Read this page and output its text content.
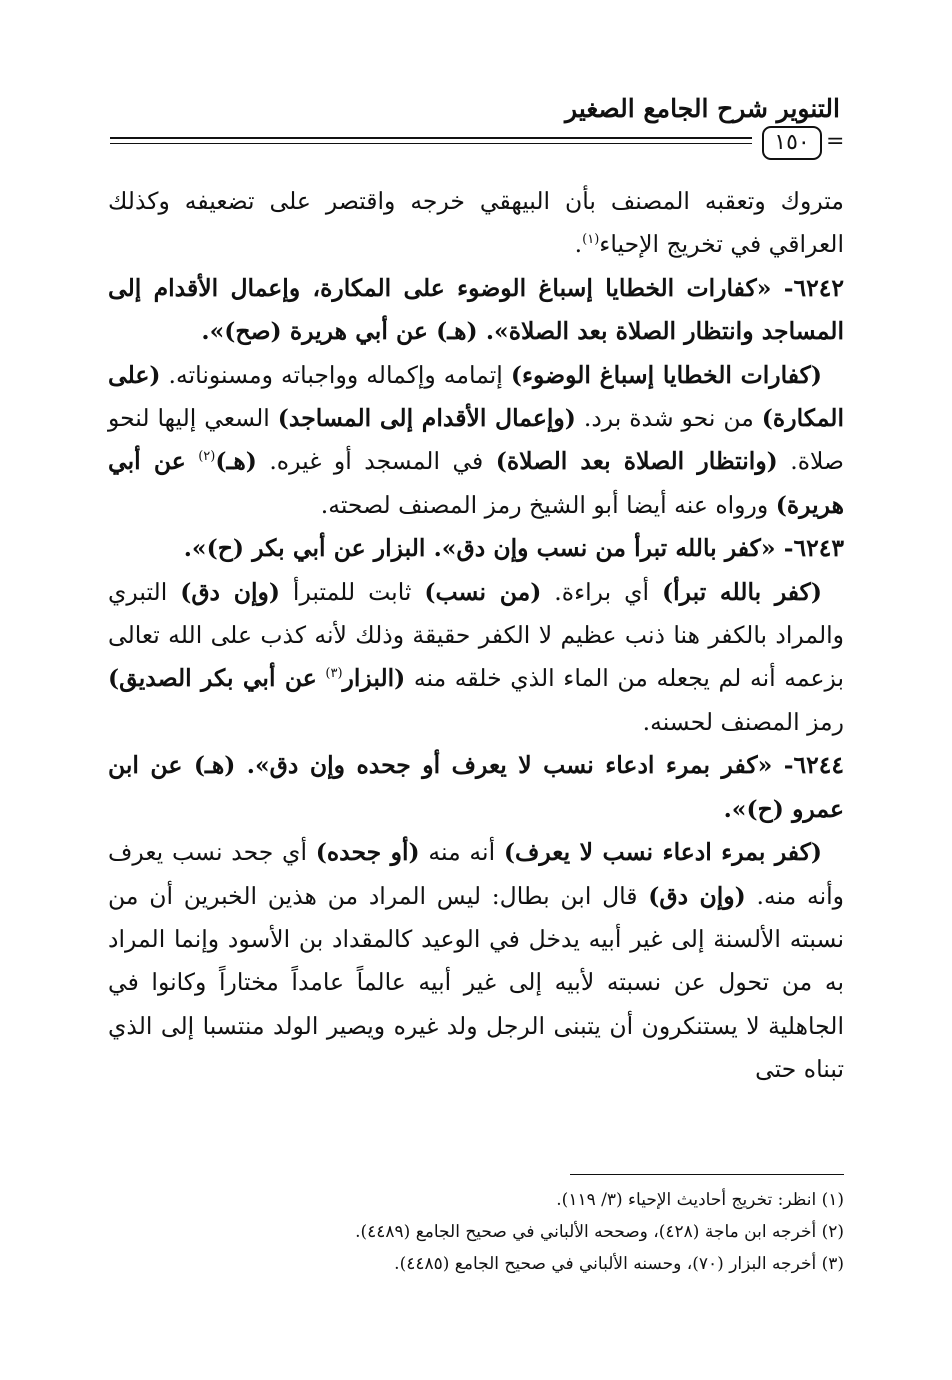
التنوير شرح الجامع الصغير
١٥٠ =

متروك وتعقبه المصنف بأن البيهقي خرجه واقتصر على تضعيفه وكذلك العراقي في تخريج الإحياء$^{(١)}$.

٦٢٤٢- «كفارات الخطايا إسباغ الوضوء على المكارة، وإعمال الأقدام إلى المساجد وانتظار الصلاة بعد الصلاة». (هـ) عن أبي هريرة (صح)».

(كفارات الخطايا إسباغ الوضوء) إتمامه وإكماله وواجباته ومسنوناته. (على المكارة) من نحو شدة برد. (وإعمال الأقدام إلى المساجد) السعي إليها لنحو صلاة. (وانتظار الصلاة بعد الصلاة) في المسجد أو غيره. (هـ)$^{(٢)}$ عن أبي هريرة) ورواه عنه أيضا أبو الشيخ رمز المصنف لصحته.

٦٢٤٣- «كفر بالله تبرأ من نسب وإن دق». البزار عن أبي بكر (ح)».

(كفر بالله تبرأ) أي براءة. (من نسب) ثابت للمتبرأ (وإن دق) التبري والمراد بالكفر هنا ذنب عظيم لا الكفر حقيقة وذلك لأنه كذب على الله تعالى بزعمه أنه لم يجعله من الماء الذي خلقه منه (البزار$^{(٣)}$ عن أبي بكر الصديق) رمز المصنف لحسنه.

٦٢٤٤- «كفر بمرء ادعاء نسب لا يعرف أو جحده وإن دق». (هـ) عن ابن عمرو (ح)».

(كفر بمرء ادعاء نسب لا يعرف) أنه منه (أو جحده) أي جحد نسب يعرف وأنه منه. (وإن دق) قال ابن بطال: ليس المراد من هذين الخبرين أن من نسبته الألسنة إلى غير أبيه يدخل في الوعيد كالمقداد بن الأسود وإنما المراد به من تحول عن نسبته لأبيه إلى غير أبيه عالماً عامداً مختاراً وكانوا في الجاهلية لا يستنكرون أن يتبنى الرجل ولد غيره ويصير الولد منتسبا إلى الذي تبناه حتى

(١) انظر: تخريج أحاديث الإحياء (٣/ ١١٩).
(٢) أخرجه ابن ماجة (٤٢٨)، وصححه الألباني في صحيح الجامع (٤٤٨٩).
(٣) أخرجه البزار (٧٠)، وحسنه الألباني في صحيح الجامع (٤٤٨٥).
